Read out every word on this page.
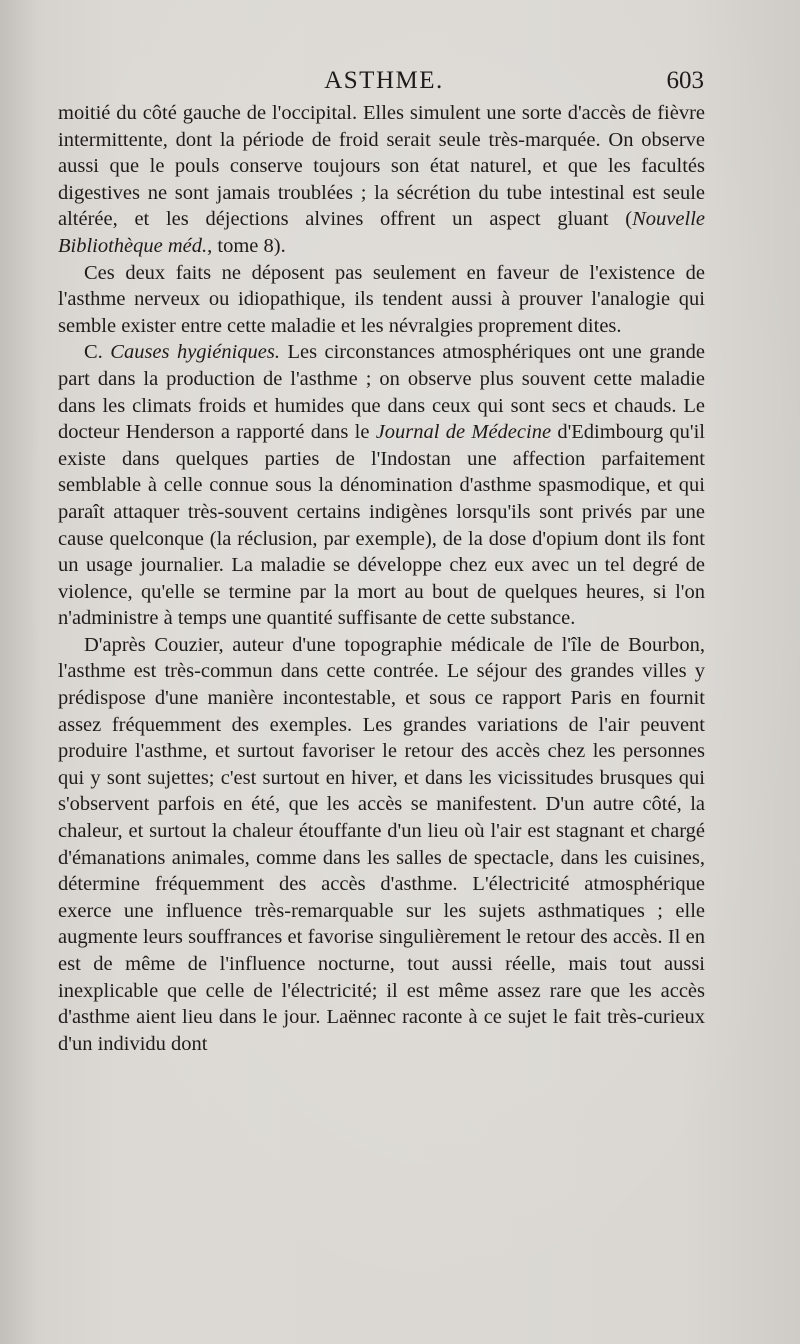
ASTHME.	603

moitié du côté gauche de l'occipital. Elles simulent une sorte d'accès de fièvre intermittente, dont la période de froid serait seule très-marquée. On observe aussi que le pouls conserve toujours son état naturel, et que les facultés digestives ne sont jamais troublées ; la sécrétion du tube intestinal est seule altérée, et les déjections alvines offrent un aspect gluant (Nouvelle Bibliothèque méd., tome 8).

Ces deux faits ne déposent pas seulement en faveur de l'existence de l'asthme nerveux ou idiopathique, ils tendent aussi à prouver l'analogie qui semble exister entre cette maladie et les névralgies proprement dites.

C. Causes hygiéniques. Les circonstances atmosphériques ont une grande part dans la production de l'asthme ; on observe plus souvent cette maladie dans les climats froids et humides que dans ceux qui sont secs et chauds. Le docteur Henderson a rapporté dans le Journal de Médecine d'Edimbourg qu'il existe dans quelques parties de l'Indostan une affection parfaitement semblable à celle connue sous la dénomination d'asthme spasmodique, et qui paraît attaquer très-souvent certains indigènes lorsqu'ils sont privés par une cause quelconque (la réclusion, par exemple), de la dose d'opium dont ils font un usage journalier. La maladie se développe chez eux avec un tel degré de violence, qu'elle se termine par la mort au bout de quelques heures, si l'on n'administre à temps une quantité suffisante de cette substance.

D'après Couzier, auteur d'une topographie médicale de l'île de Bourbon, l'asthme est très-commun dans cette contrée. Le séjour des grandes villes y prédispose d'une manière incontestable, et sous ce rapport Paris en fournit assez fréquemment des exemples. Les grandes variations de l'air peuvent produire l'asthme, et surtout favoriser le retour des accès chez les personnes qui y sont sujettes; c'est surtout en hiver, et dans les vicissitudes brusques qui s'observent parfois en été, que les accès se manifestent. D'un autre côté, la chaleur, et surtout la chaleur étouffante d'un lieu où l'air est stagnant et chargé d'émanations animales, comme dans les salles de spectacle, dans les cuisines, détermine fréquemment des accès d'asthme. L'électricité atmosphérique exerce une influence très-remarquable sur les sujets asthmatiques ; elle augmente leurs souffrances et favorise singulièrement le retour des accès. Il en est de même de l'influence nocturne, tout aussi réelle, mais tout aussi inexplicable que celle de l'électricité; il est même assez rare que les accès d'asthme aient lieu dans le jour. Laënnec raconte à ce sujet le fait très-curieux d'un individu dont
